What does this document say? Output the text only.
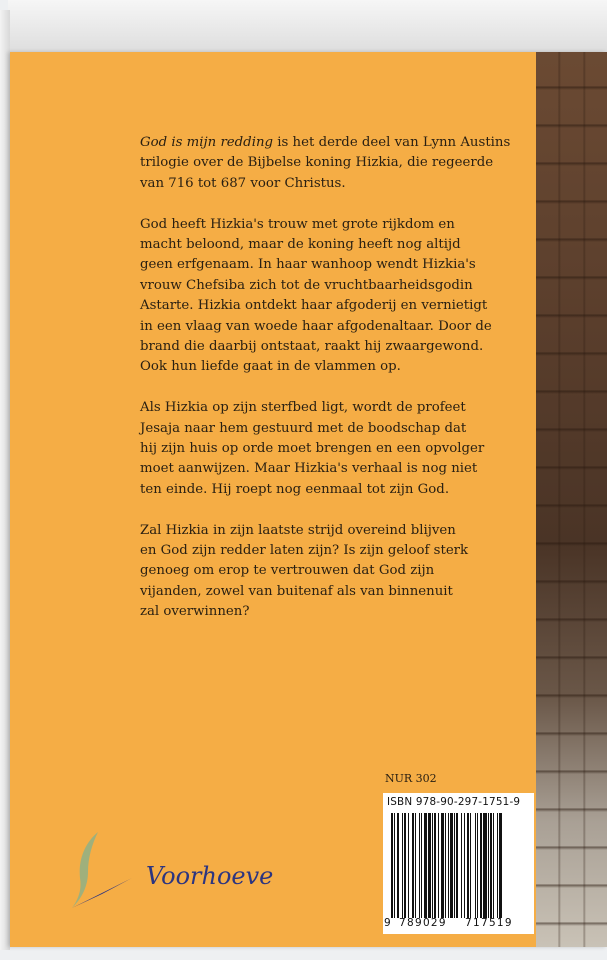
God is mijn redding is het derde deel van Lynn Austins
trilogie over de Bijbelse koning Hizkia, die regeerde
van 716 tot 687 voor Christus.

God heeft Hizkia's trouw met grote rijkdom en
macht beloond, maar de koning heeft nog altijd
geen erfgenaam. In haar wanhoop wendt Hizkia's
vrouw Chefsiba zich tot de vruchtbaarheidsgodin
Astarte. Hizkia ontdekt haar afgoderij en vernietigt
in een vlaag van woede haar afgodenaltaar. Door de
brand die daarbij ontstaat, raakt hij zwaargewond.
Ook hun liefde gaat in de vlammen op.

Als Hizkia op zijn sterfbed ligt, wordt de profeet
Jesaja naar hem gestuurd met de boodschap dat
hij zijn huis op orde moet brengen en een opvolger
moet aanwijzen. Maar Hizkia's verhaal is nog niet
ten einde. Hij roept nog eenmaal tot zijn God.

Zal Hizkia in zijn laatste strijd overeind blijven
en God zijn redder laten zijn? Is zijn geloof sterk
genoeg om erop te vertrouwen dat God zijn
vijanden, zowel van buitenaf als van binnenuit
zal overwinnen?

NUR 302
ISBN 978-90-297-1751-9
9 789029 717519
Voorhoeve
